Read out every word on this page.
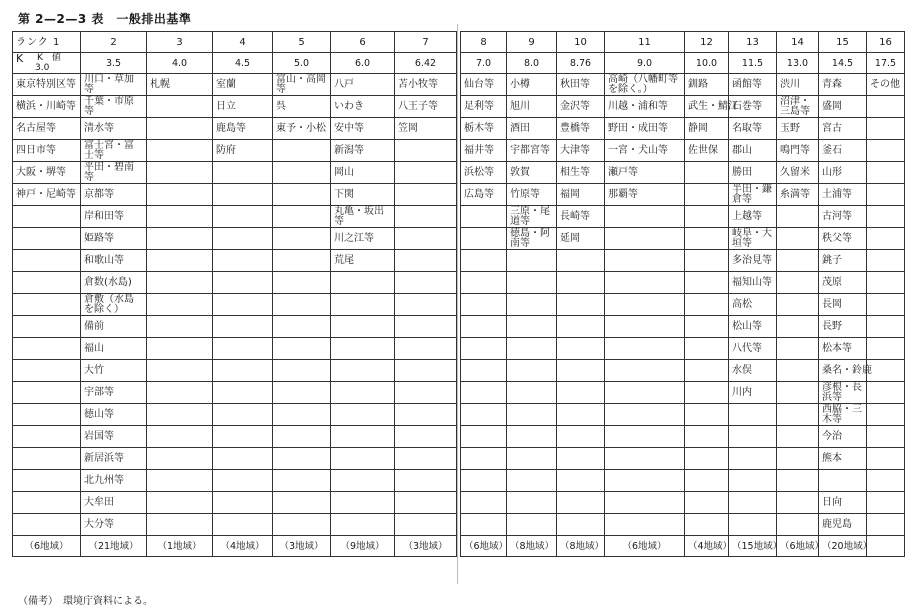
第 2—2—3 表　一般排出基準
ランク 1	2	3	4	5	6	7

K K　値
3.0	3.5	4.0	4.5	5.0	6.0	6.42
東京特別区等	川口・草加等	札幌	室蘭	富山・高岡等	八戸	苫小牧等
横浜・川崎等	千葉・市原等		日立	呉	いわき	八王子等
名古屋等	清水等		鹿島等	東予・小松	安中等	笠岡
四日市等	富士宮・富士等		防府		新潟等	
大阪・堺等	平田・碧南等				岡山	
神戸・尼崎等	京都等				下関	
	岸和田等				丸亀・坂出等	
	姫路等				川之江等	
	和歌山等				荒尾	
	倉数(水島)					
	倉敷（水島を除く）					
	備前					
	福山					
	大竹					
	宇部等					
	徳山等					
	岩国等					
	新居浜等					
	北九州等					
	大牟田					
	大分等					
（6地域）	（21地域）	（1地域）	（4地域）	（3地域）	（9地域）	（3地域）
8	9	10	11	12	13	14	15	16
7.0	8.0	8.76	9.0	10.0	11.5	13.0	14.5	17.5
仙台等	小樽	秋田等	高崎（八幡町等を除く。）	釧路	函館等	渋川	青森	その他
足利等	旭川	金沢等	川越・浦和等	武生・鯖江	石巻等	沼津・三島等	盛岡	
栃木等	酒田	豊橋等	野田・成田等	静岡	名取等	玉野	宮古	
福井等	宇都宮等	大津等	一宮・犬山等	佐世保	郡山	鳴門等	釜石	
浜松等	敦賀	相生等	瀬戸等		勝田	久留米	山形	
広島等	竹原等	福岡	那覇等		半田・鎌倉等	糸満等	土浦等	
	三原・尾道等	長崎等			上越等		古河等	
	徳島・阿南等	延岡			岐阜・大垣等		秩父等	
					多治見等		銚子	
					福知山等		茂原	
					高松		長岡	
					松山等		長野	
					八代等		松本等	
					水俣		桑名・鈴鹿	
					川内		彦根・長浜等	
							西脇・三木等	
							今治	
							熊本	

							日向	
							鹿児島	
（6地域）	（8地域）	（8地域）	（6地域）	（4地域）	（15地域）	（6地域）	（20地域）	
（備考）　環境庁資料による。
